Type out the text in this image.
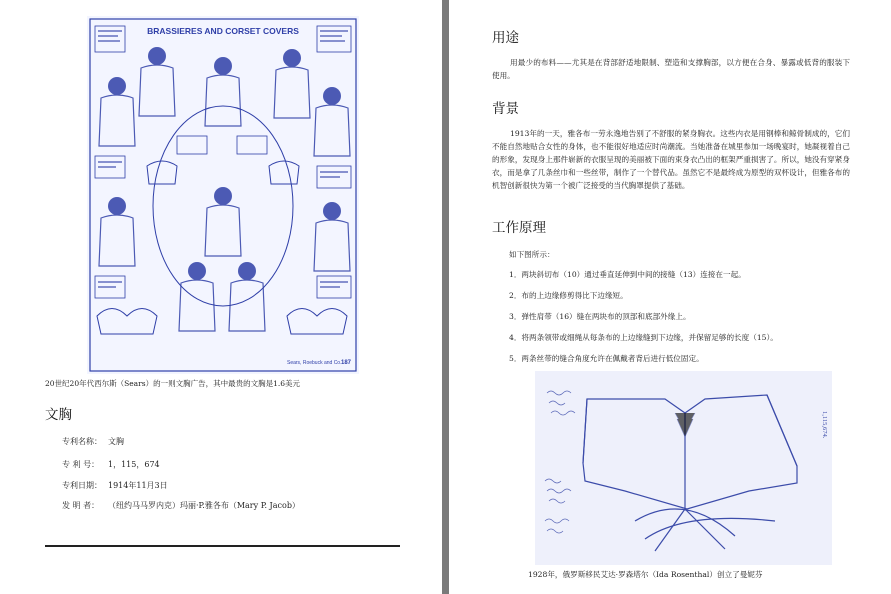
BRASSIERES AND CORSET COVERS
Sears, Roebuck and Co. 187
20世纪20年代西尔斯（Sears）的一则文胸广告，其中最贵的文胸是1.6美元
文胸
专利名称： 文胸
专 利 号： 1，115，674
专利日期： 1914年11月3日
发 明 者： （纽约马马罗内克）玛丽·P.雅各布（Mary P. Jacob）
用途

用最少的布料——尤其是在背部舒适地限制、塑造和支撑胸部，以方便在合身、暴露或低背的服装下使用。

背景

1913年的一天，雅各布一劳永逸地告别了不舒服的紧身胸衣。这些内衣是用钢棒和鲸骨制成的，它们不能自然地贴合女性的身体，也不能很好地适应时尚潮流。当她准备在城里参加一场晚宴时，她凝视着自己的形象，发现身上那件崭新的衣服呈现的美丽被下面的束身衣凸出的框架严重损害了。所以，她没有穿紧身衣，而是拿了几条丝巾和一些丝带，制作了一个替代品。虽然它不是最终成为原型的双杯设计，但雅各布的机智创新很快为第一个被广泛接受的当代胸罩提供了基础。

工作原理
如下图所示：
1．两块斜切布（10）通过垂直延伸到中间的接缝（13）连接在一起。
2．布的上边缘修剪得比下边缘短。
3．弹性肩带（16）缝在两块布的顶部和底部外缘上。
4．将两条领带或细绳从每条布的上边缘缝到下边缘，并保留足够的长度（15）。
5．两条丝带的缝合角度允许在佩戴者背后进行低位固定。
1,115,674.
1928年，俄罗斯移民艾达·罗森塔尔（Ida Rosenthal）创立了曼妮芬
